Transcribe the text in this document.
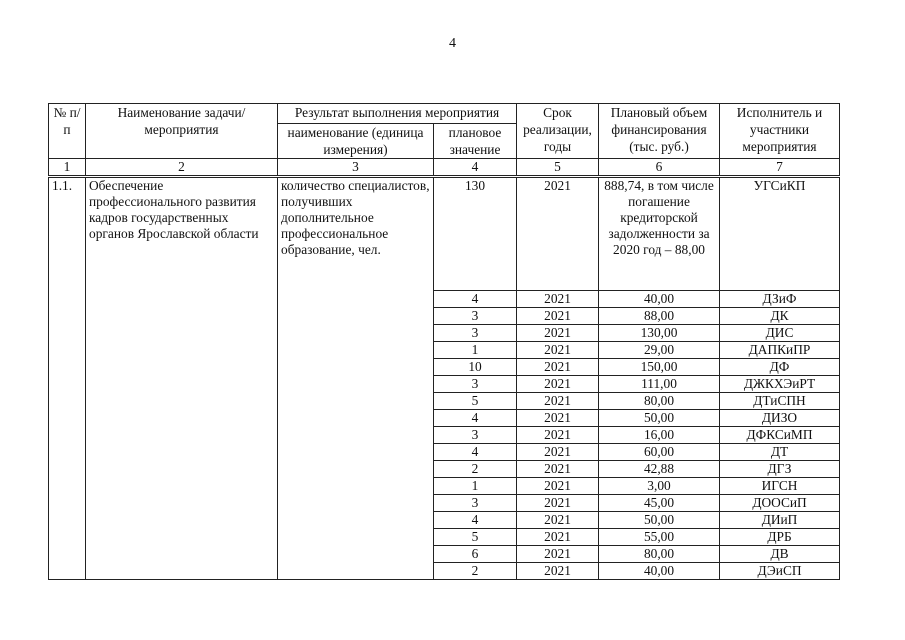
4
№ п/п	Наименование задачи/мероприятия	Результат выполнения мероприятия		Срок реализации, годы	Плановый объем финансирования (тыс. руб.)	Исполнитель и участники мероприятия
		наименование (единица измерения)	плановое значение			
1	2	3	4	5	6	7
1.1.	Обеспечение профессионального развития кадров государственных органов Ярославской области	количество специалистов, получивших дополнительное профессиональное образование, чел.	130	2021	888,74, в том числе погашение кредиторской задолженности за 2020 год – 88,00	УГСиКП
			4	2021	40,00	ДЗиФ
			3	2021	88,00	ДК
			3	2021	130,00	ДИС
			1	2021	29,00	ДАПКиПР
			10	2021	150,00	ДФ
			3	2021	111,00	ДЖКХЭиРТ
			5	2021	80,00	ДТиСПН
			4	2021	50,00	ДИЗО
			3	2021	16,00	ДФКСиМП
			4	2021	60,00	ДТ
			2	2021	42,88	ДГЗ
			1	2021	3,00	ИГСН
			3	2021	45,00	ДООСиП
			4	2021	50,00	ДИиП
			5	2021	55,00	ДРБ
			6	2021	80,00	ДВ
			2	2021	40,00	ДЭиСП
